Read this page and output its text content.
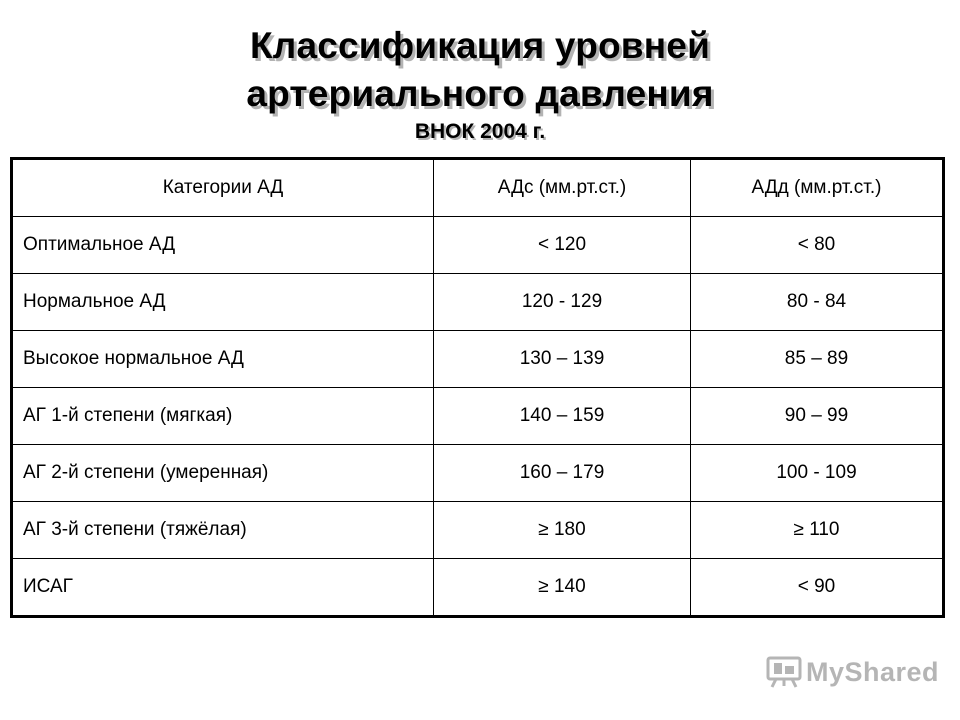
Классификация уровней
артериального давления
ВНОК 2004 г.
Категории АД	АДс (мм.рт.ст.)	АДд (мм.рт.ст.)
Оптимальное АД	< 120	< 80
Нормальное АД	120 - 129	80 - 84
Высокое нормальное АД	130 – 139	85 – 89
АГ 1-й степени (мягкая)	140 – 159	90 – 99
АГ 2-й степени (умеренная)	160 – 179	100 - 109
АГ 3-й степени (тяжёлая)	≥ 180	≥ 110
ИСАГ	≥ 140	< 90
MyShared
